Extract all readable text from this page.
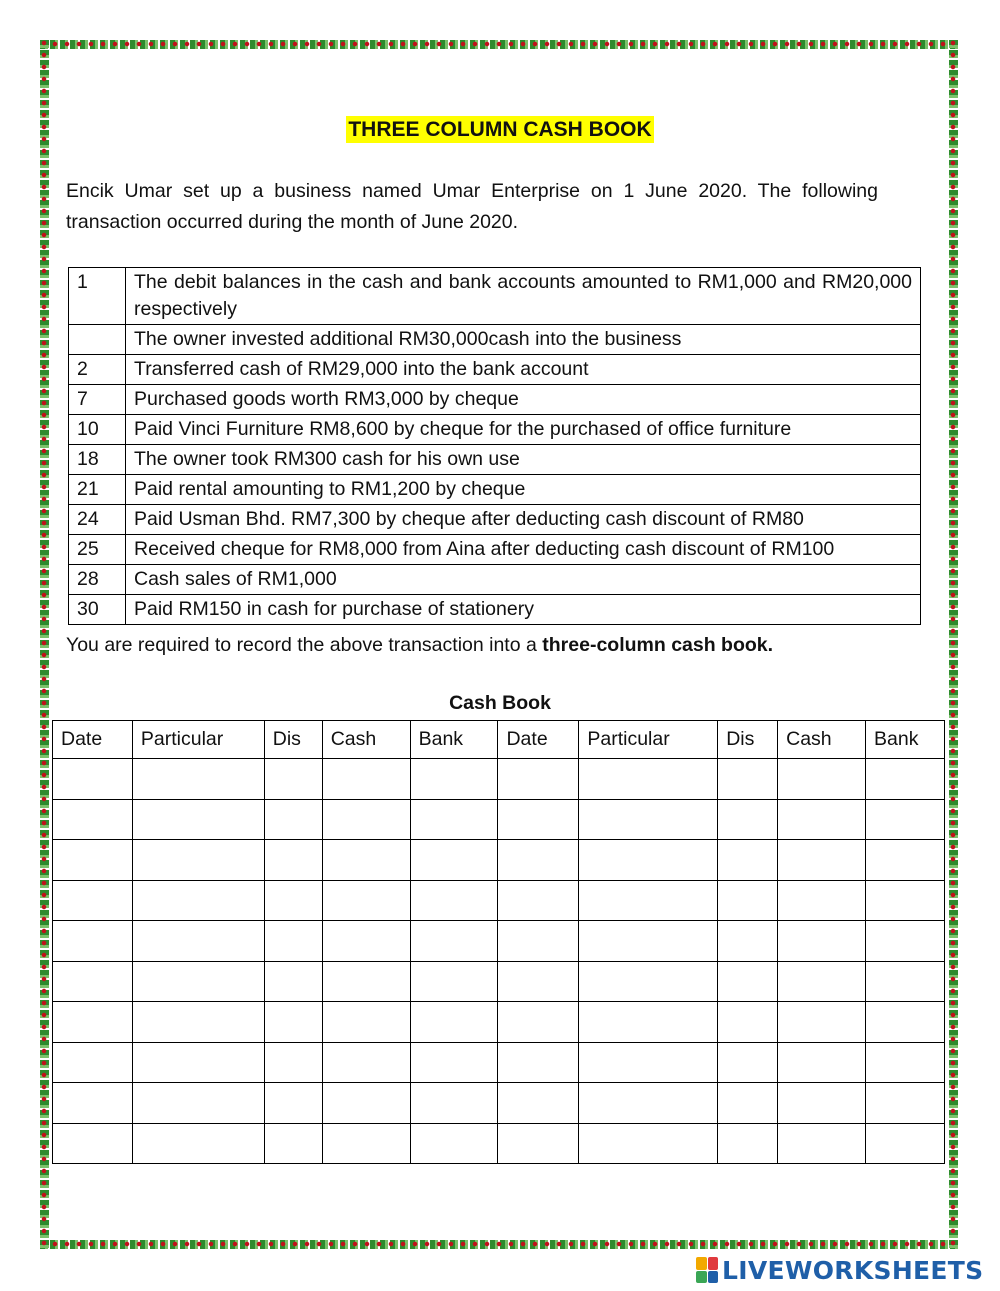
THREE COLUMN CASH BOOK
Encik Umar set up a business named Umar Enterprise on 1 June 2020. The following transaction occurred during the month of June 2020.
1	The debit balances in the cash and bank accounts amounted to RM1,000 and RM20,000 respectively
	The owner invested additional RM30,000cash into the business
2	Transferred cash of RM29,000 into the bank account
7	Purchased goods worth RM3,000 by cheque
10	Paid Vinci Furniture RM8,600 by cheque for the purchased of office furniture
18	The owner took RM300 cash for his own use
21	Paid rental amounting to RM1,200 by cheque
24	Paid Usman Bhd. RM7,300 by cheque after deducting cash discount of RM80
25	Received cheque for RM8,000 from Aina after deducting cash discount of RM100
28	Cash sales of RM1,000
30	Paid RM150 in cash for purchase of stationery
You are required to record the above transaction into a three-column cash book.
Cash Book
Date	Particular	Dis	Cash	Bank	Date	Particular	Dis	Cash	Bank

LIVEWORKSHEETS
